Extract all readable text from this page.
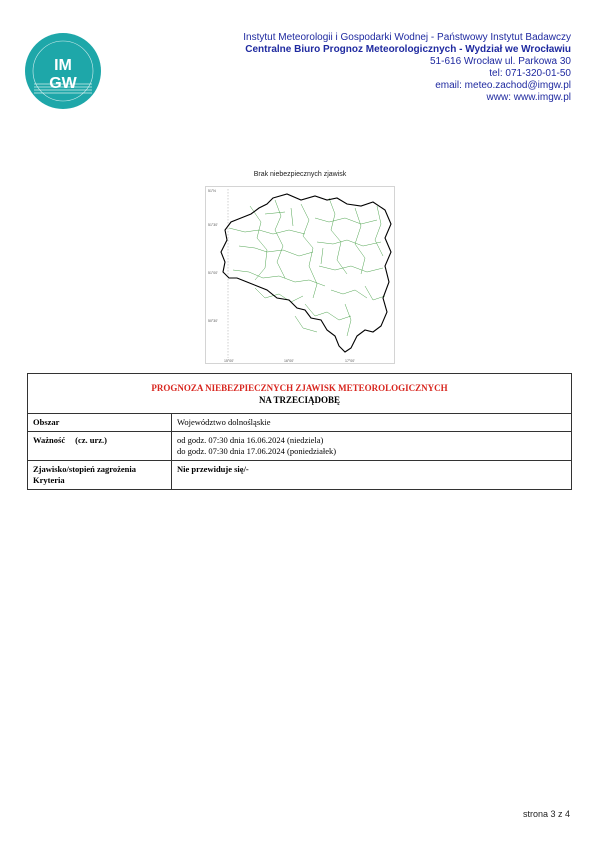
IM
GW
Instytut Meteorologii i Gospodarki Wodnej - Państwowy Instytut Badawczy
Centralne Biuro Prognoz Meteorologicznych - Wydział we Wrocławiu
51-616 Wrocław ul. Parkowa 30
tel: 071-320-01-50
email: meteo.zachod@imgw.pl
www: www.imgw.pl
Brak niebezpiecznych zjawisk
51°N
51°30'
51°00'
50°30'
15°00'	16°00'	17°00'
PROGNOZA NIEBEZPIECZNYCH ZJAWISK METEOROLOGICZNYCH
NA TRZECIĄDOBĘ	

Obszar	Województwo dolnośląskie
Ważność (cz. urz.)	od godz. 07:30 dnia 16.06.2024 (niedziela)
do godz. 07:30 dnia 17.06.2024 (poniedziałek)

Zjawisko/stopień zagrożenia
Kryteria	Nie przewiduje się/-
strona 3 z 4
